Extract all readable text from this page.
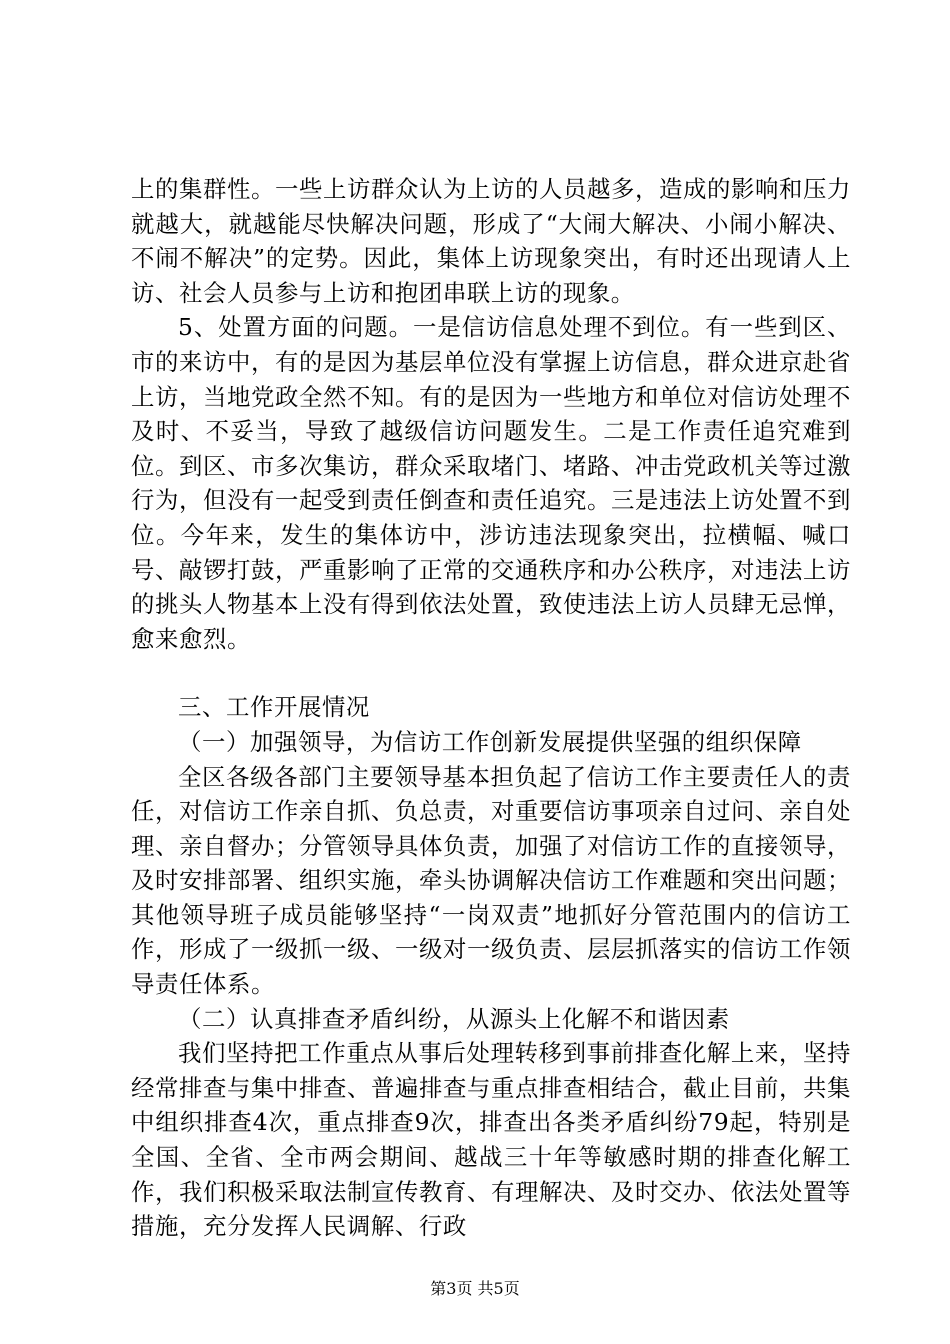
上的集群性。一些上访群众认为上访的人员越多，造成的影响和压力就越大，就越能尽快解决问题，形成了“大闹大解决、小闹小解决、不闹不解决”的定势。因此，集体上访现象突出，有时还出现请人上访、社会人员参与上访和抱团串联上访的现象。

5、处置方面的问题。一是信访信息处理不到位。有一些到区、市的来访中，有的是因为基层单位没有掌握上访信息，群众进京赴省上访，当地党政全然不知。有的是因为一些地方和单位对信访处理不及时、不妥当，导致了越级信访问题发生。二是工作责任追究难到位。到区、市多次集访，群众采取堵门、堵路、冲击党政机关等过激行为，但没有一起受到责任倒查和责任追究。三是违法上访处置不到位。今年来，发生的集体访中，涉访违法现象突出，拉横幅、喊口号、敲锣打鼓，严重影响了正常的交通秩序和办公秩序，对违法上访的挑头人物基本上没有得到依法处置，致使违法上访人员肆无忌惮，愈来愈烈。

三、工作开展情况

（一）加强领导，为信访工作创新发展提供坚强的组织保障

全区各级各部门主要领导基本担负起了信访工作主要责任人的责任，对信访工作亲自抓、负总责，对重要信访事项亲自过问、亲自处理、亲自督办；分管领导具体负责，加强了对信访工作的直接领导，及时安排部署、组织实施，牵头协调解决信访工作难题和突出问题；其他领导班子成员能够坚持“一岗双责”地抓好分管范围内的信访工作，形成了一级抓一级、一级对一级负责、层层抓落实的信访工作领导责任体系。

（二）认真排查矛盾纠纷，从源头上化解不和谐因素

我们坚持把工作重点从事后处理转移到事前排查化解上来，坚持经常排查与集中排查、普遍排查与重点排查相结合，截止目前，共集中组织排查4次，重点排查9次，排查出各类矛盾纠纷79起，特别是全国、全省、全市两会期间、越战三十年等敏感时期的排查化解工作，我们积极采取法制宣传教育、有理解决、及时交办、依法处置等措施，充分发挥人民调解、行政

第3页 共5页
